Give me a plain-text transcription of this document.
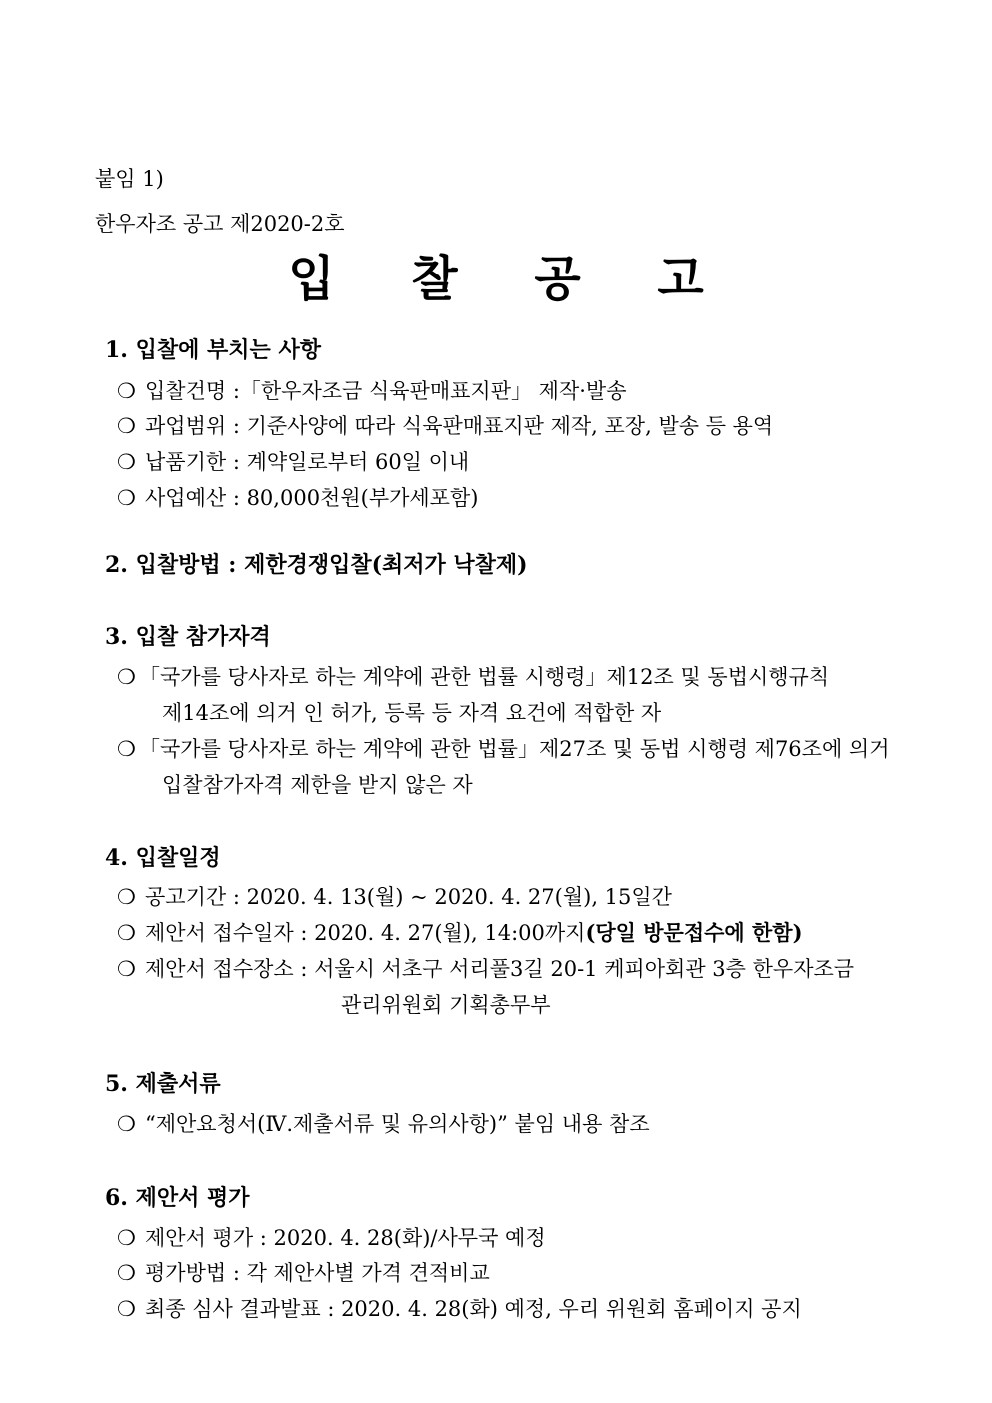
붙임 1)
한우자조 공고 제2020-2호
입 찰 공 고
1. 입찰에 부치는 사항
❍ 입찰건명 :「한우자조금 식육판매표지판」 제작·발송
❍ 과업범위 : 기준사양에 따라 식육판매표지판 제작, 포장, 발송 등 용역
❍ 납품기한 : 계약일로부터 60일 이내
❍ 사업예산 : 80,000천원(부가세포함)
2. 입찰방법 : 제한경쟁입찰(최저가 낙찰제)
3. 입찰 참가자격
❍ 「국가를 당사자로 하는 계약에 관한 법률 시행령」제12조 및 동법시행규칙
제14조에 의거 인 허가, 등록 등 자격 요건에 적합한 자
❍ 「국가를 당사자로 하는 계약에 관한 법률」제27조 및 동법 시행령 제76조에 의거
입찰참가자격 제한을 받지 않은 자
4. 입찰일정
❍ 공고기간 : 2020. 4. 13(월) ~ 2020. 4. 27(월), 15일간
❍ 제안서 접수일자 : 2020. 4. 27(월), 14:00까지(당일 방문접수에 한함)
❍ 제안서 접수장소 : 서울시 서초구 서리풀3길 20-1 케피아회관 3층 한우자조금
관리위원회 기획총무부
5. 제출서류
❍ “제안요청서(Ⅳ.제출서류 및 유의사항)” 붙임 내용 참조
6. 제안서 평가
❍ 제안서 평가 : 2020. 4. 28(화)/사무국 예정
❍ 평가방법 : 각 제안사별 가격 견적비교
❍ 최종 심사 결과발표 : 2020. 4. 28(화) 예정, 우리 위원회 홈페이지 공지
